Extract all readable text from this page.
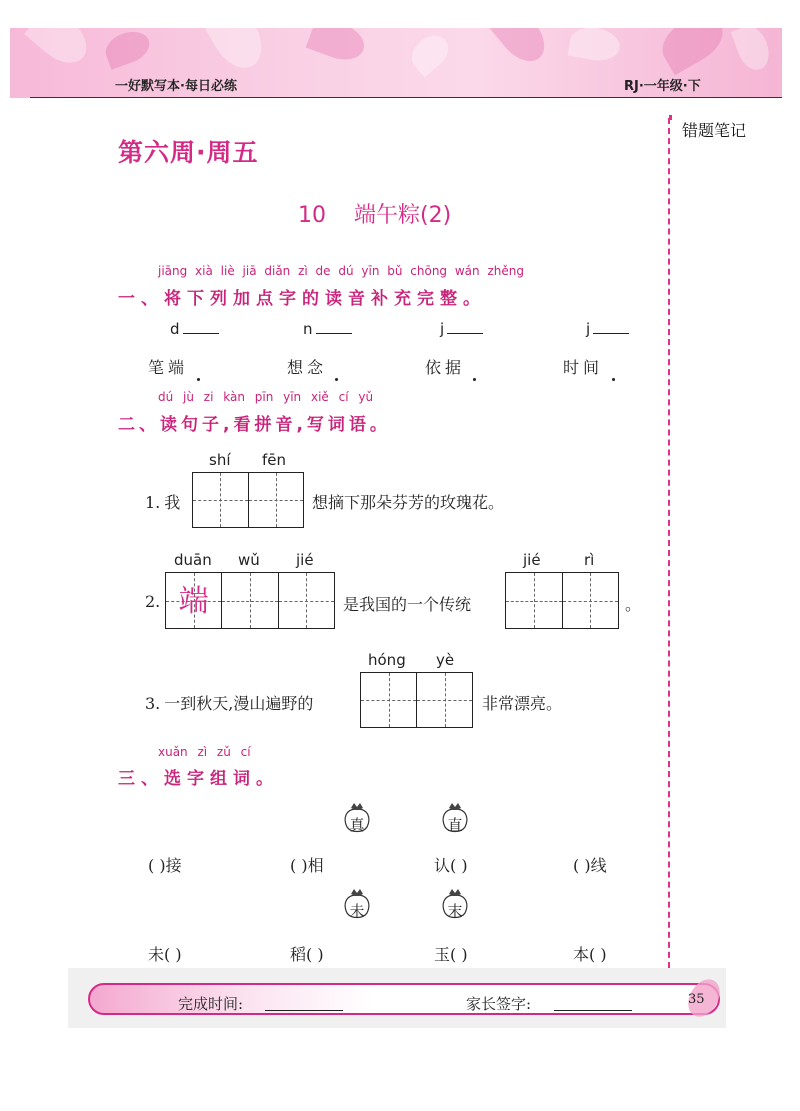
一好默写本·每日必练	RJ·一年级·下
错题笔记
第六周·周五
10 端午粽(2)
jiāng xià liè jiā diǎn zì de dú yīn bǔ chōng wán zhěng
一、将下列加点字的读音补充完整。
d	n	j	j
笔端	想念	依据	时间
dú jù zi kàn pīn yīn xiě cí yǔ
二、读句子,看拼音,写词语。
shí fēn
1. 我	想摘下那朵芬芳的玫瑰花。
duān wǔ jié
2. 端	是我国的一个传统
jié	rì
。
hóng yè
3. 一到秋天,漫山遍野的	非常漂亮。
xuǎn zì zǔ cí
三、选字组词。
真	直
( )接	( )相	认( )	( )线
未	末
未( )	稻( )	玉( )	本( )
完成时间:	家长签字:	35
